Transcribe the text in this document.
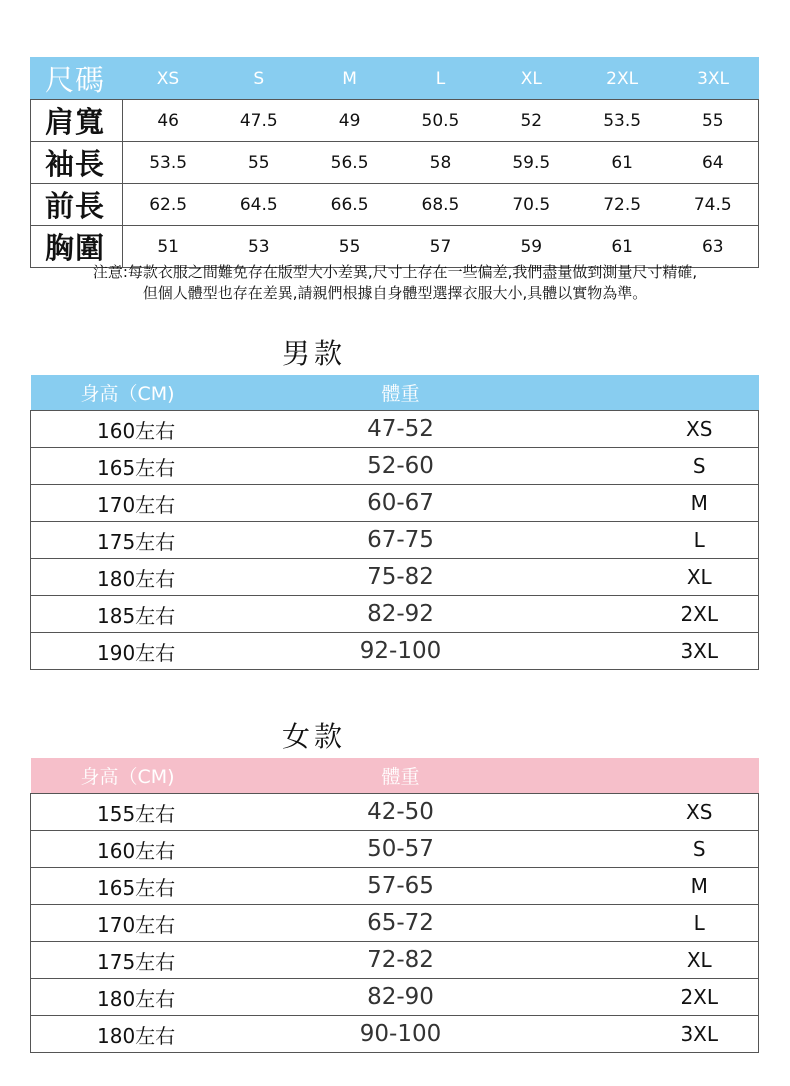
尺碼	XS	S	M	L	XL	2XL	3XL
肩寬	46	47.5	49	50.5	52	53.5	55
袖長	53.5	55	56.5	58	59.5	61	64
前長	62.5	64.5	66.5	68.5	70.5	72.5	74.5
胸圍	51	53	55	57	59	61	63
注意:每款衣服之間難免存在版型大小差異,尺寸上存在一些偏差,我們盡量做到測量尺寸精確,
但個人體型也存在差異,請親們根據自身體型選擇衣服大小,具體以實物為準。
男款
身高（CM)	體重	
160左右	47-52	XS
165左右	52-60	S
170左右	60-67	M
175左右	67-75	L
180左右	75-82	XL
185左右	82-92	2XL
190左右	92-100	3XL
女款
身高（CM)	體重	
155左右	42-50	XS
160左右	50-57	S
165左右	57-65	M
170左右	65-72	L
175左右	72-82	XL
180左右	82-90	2XL
180左右	90-100	3XL
